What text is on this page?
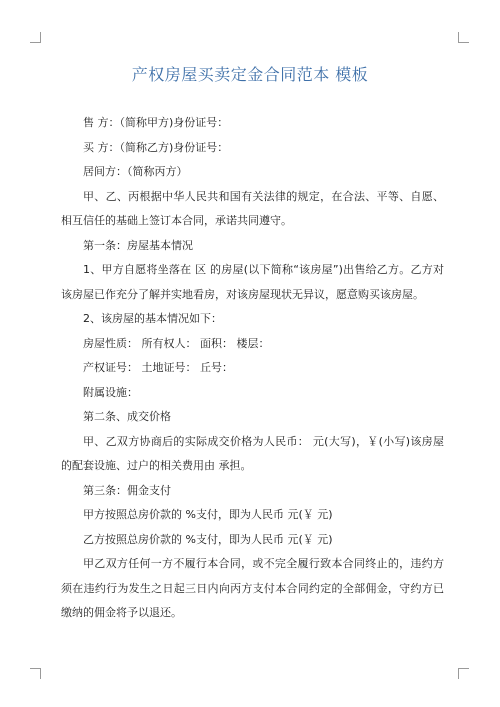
产权房屋买卖定金合同范本 模板

售 方：（简称甲方)身份证号：

买 方：（简称乙方)身份证号：

居间方：（简称丙方）

甲、乙、丙根据中华人民共和国有关法律的规定，在合法、平等、自愿、相互信任的基础上签订本合同，承诺共同遵守。

第一条：房屋基本情况

1、甲方自愿将坐落在 区 的房屋(以下简称“该房屋”)出售给乙方。乙方对该房屋已作充分了解并实地看房，对该房屋现状无异议，愿意购买该房屋。

2、该房屋的基本情况如下：

房屋性质： 所有权人： 面积： 楼层：

产权证号： 土地证号： 丘号：

附属设施：

第二条、成交价格

甲、乙双方协商后的实际成交价格为人民币： 元(大写)，￥(小写)该房屋的配套设施、过户的相关费用由 承担。

第三条：佣金支付

甲方按照总房价款的 %支付，即为人民币 元(￥ 元)

乙方按照总房价款的 %支付，即为人民币 元(￥ 元)

甲乙双方任何一方不履行本合同，或不完全履行致本合同终止的，违约方须在违约行为发生之日起三日内向丙方支付本合同约定的全部佣金，守约方已缴纳的佣金将予以退还。
